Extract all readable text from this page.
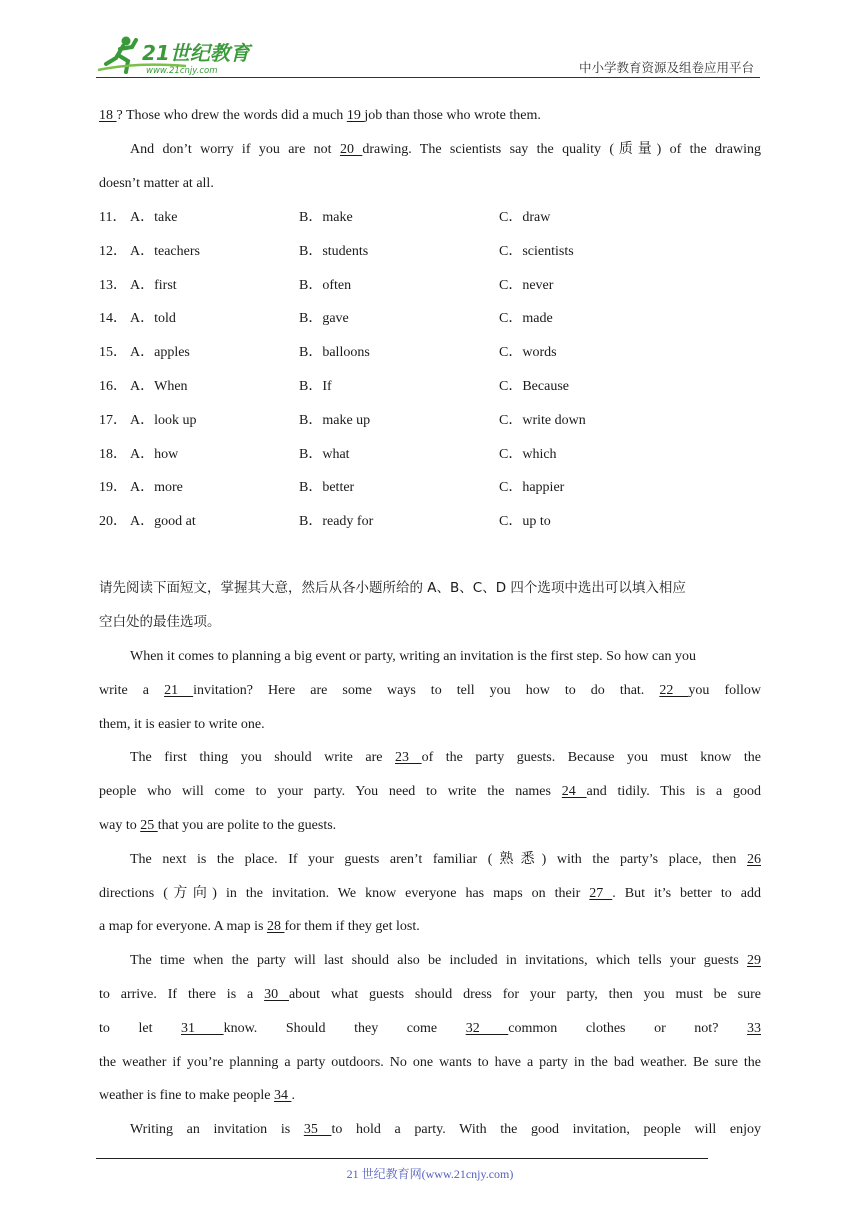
21世纪教育
www.21cnjy.com	中小学教育资源及组卷应用平台
18 ? Those who drew the words did a much 19 job than those who wrote them.
And don’t worry if you are not 20 drawing. The scientists say the quality (质量) of the drawing
doesn’t matter at all.
11． A．take	B．make	C．draw
12． A．teachers	B．students	C．scientists
13． A．first	B．often	C．never
14． A．told	B．gave	C．made
15． A．apples	B．balloons	C．words
16． A．When	B．If	C．Because
17． A．look up	B．make up	C．write down
18． A．how	B．what	C．which
19． A．more	B．better	C．happier
20． A．good at	B．ready for	C．up to
请先阅读下面短文，掌握其大意，然后从各小题所给的 A、B、C、D 四个选项中选出可以填入相应
空白处的最佳选项。
When it comes to planning a big event or party, writing an invitation is the first step. So how can you
write a 21 invitation? Here are some ways to tell you how to do that. 22 you follow
them, it is easier to write one.
The first thing you should write are 23 of the party guests. Because you must know the
people who will come to your party. You need to write the names 24 and tidily. This is a good
way to 25 that you are polite to the guests.
The next is the place. If your guests aren’t familiar (熟悉) with the party’s place, then 26
directions (方向) in the invitation. We know everyone has maps on their 27 . But it’s better to add
a map for everyone. A map is 28 for them if they get lost.
The time when the party will last should also be included in invitations, which tells your guests 29
to arrive. If there is a 30 about what guests should dress for your party, then you must be sure
to let 31 know. Should they come 32 common clothes or not? 33
the weather if you’re planning a party outdoors. No one wants to have a party in the bad weather. Be sure the
weather is fine to make people 34 .
Writing an invitation is 35 to hold a party. With the good invitation, people will enjoy
21 世纪教育网(www.21cnjy.com)
